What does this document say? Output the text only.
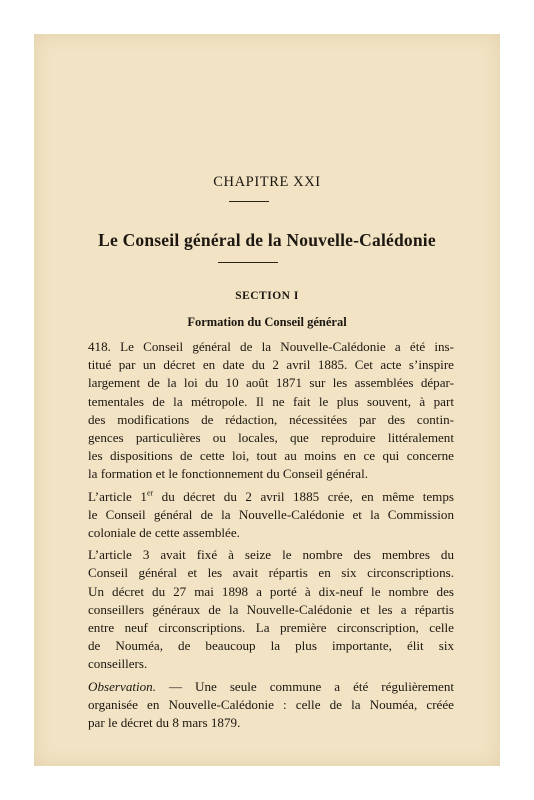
CHAPITRE XXI
Le Conseil général de la Nouvelle-Calédonie
SECTION I
Formation du Conseil général

418. Le Conseil général de la Nouvelle-Calédonie a été ins-
titué par un décret en date du 2 avril 1885. Cet acte s’inspire
largement de la loi du 10 août 1871 sur les assemblées dépar-
tementales de la métropole. Il ne fait le plus souvent, à part
des modifications de rédaction, nécessitées par des contin-
gences particulières ou locales, que reproduire littéralement
les dispositions de cette loi, tout au moins en ce qui concerne
la formation et le fonctionnement du Conseil général.

L’article 1er du décret du 2 avril 1885 crée, en même temps
le Conseil général de la Nouvelle-Calédonie et la Commission
coloniale de cette assemblée.

L’article 3 avait fixé à seize le nombre des membres du
Conseil général et les avait répartis en six circonscriptions.
Un décret du 27 mai 1898 a porté à dix-neuf le nombre des
conseillers généraux de la Nouvelle-Calédonie et les a répartis
entre neuf circonscriptions. La première circonscription, celle
de Nouméa, de beaucoup la plus importante, élit six
conseillers.

Observation. — Une seule commune a été régulièrement
organisée en Nouvelle-Calédonie : celle de la Nouméa, créée
par le décret du 8 mars 1879.
